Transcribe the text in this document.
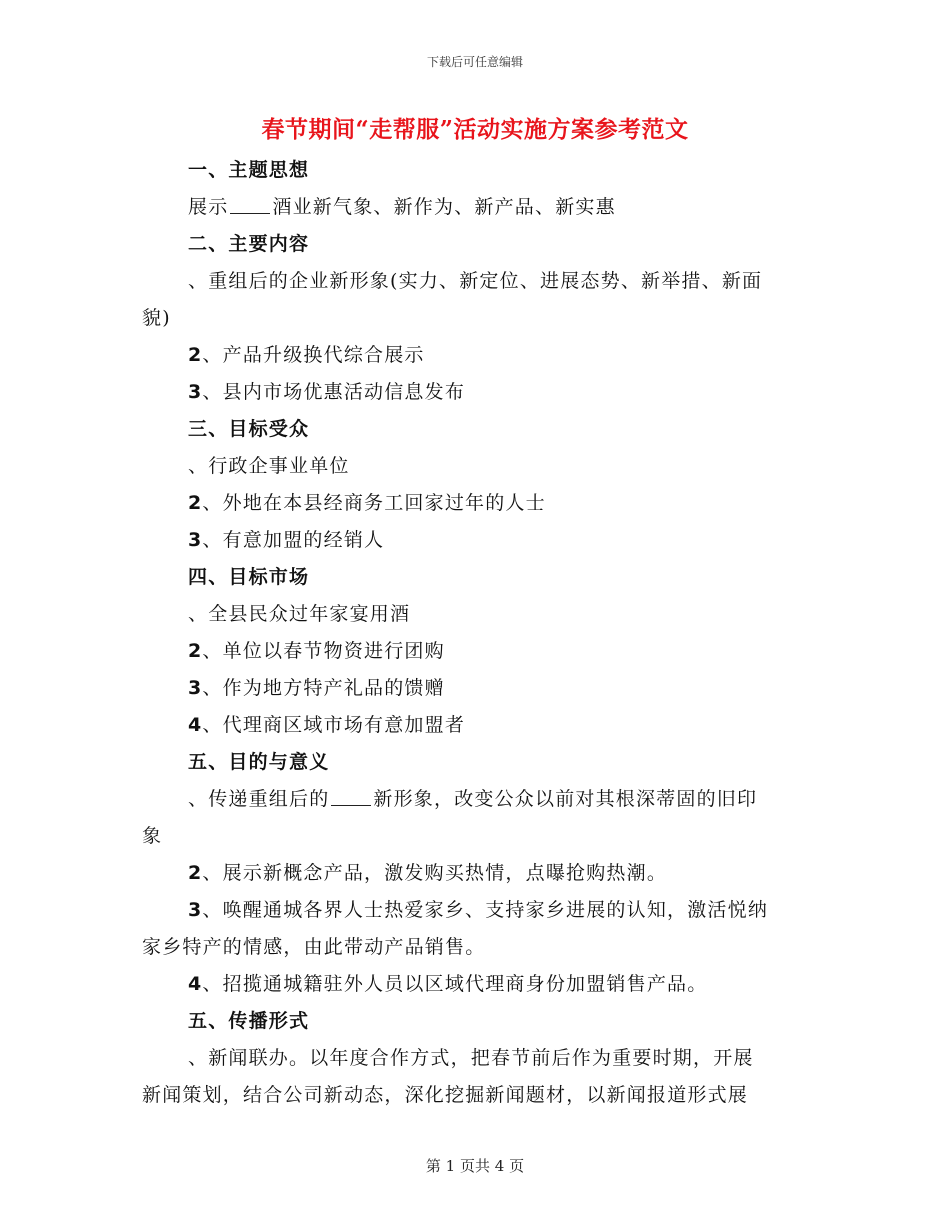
下载后可任意编辑
春节期间“走帮服”活动实施方案参考范文
一、主题思想
展示 酒业新气象、新作为、新产品、新实惠
二、主要内容
、重组后的企业新形象(实力、新定位、进展态势、新举措、新面
貌)
2、产品升级换代综合展示
3、县内市场优惠活动信息发布
三、目标受众
、行政企事业单位
2、外地在本县经商务工回家过年的人士
3、有意加盟的经销人
四、目标市场
、全县民众过年家宴用酒
2、单位以春节物资进行团购
3、作为地方特产礼品的馈赠
4、代理商区域市场有意加盟者
五、目的与意义
、传递重组后的 新形象，改变公众以前对其根深蒂固的旧印
象
2、展示新概念产品，激发购买热情，点曝抢购热潮。
3、唤醒通城各界人士热爱家乡、支持家乡进展的认知，激活悦纳
家乡特产的情感，由此带动产品销售。
4、招揽通城籍驻外人员以区域代理商身份加盟销售产品。
五、传播形式
、新闻联办。以年度合作方式，把春节前后作为重要时期，开展
新闻策划，结合公司新动态，深化挖掘新闻题材，以新闻报道形式展
第 1 页共 4 页
